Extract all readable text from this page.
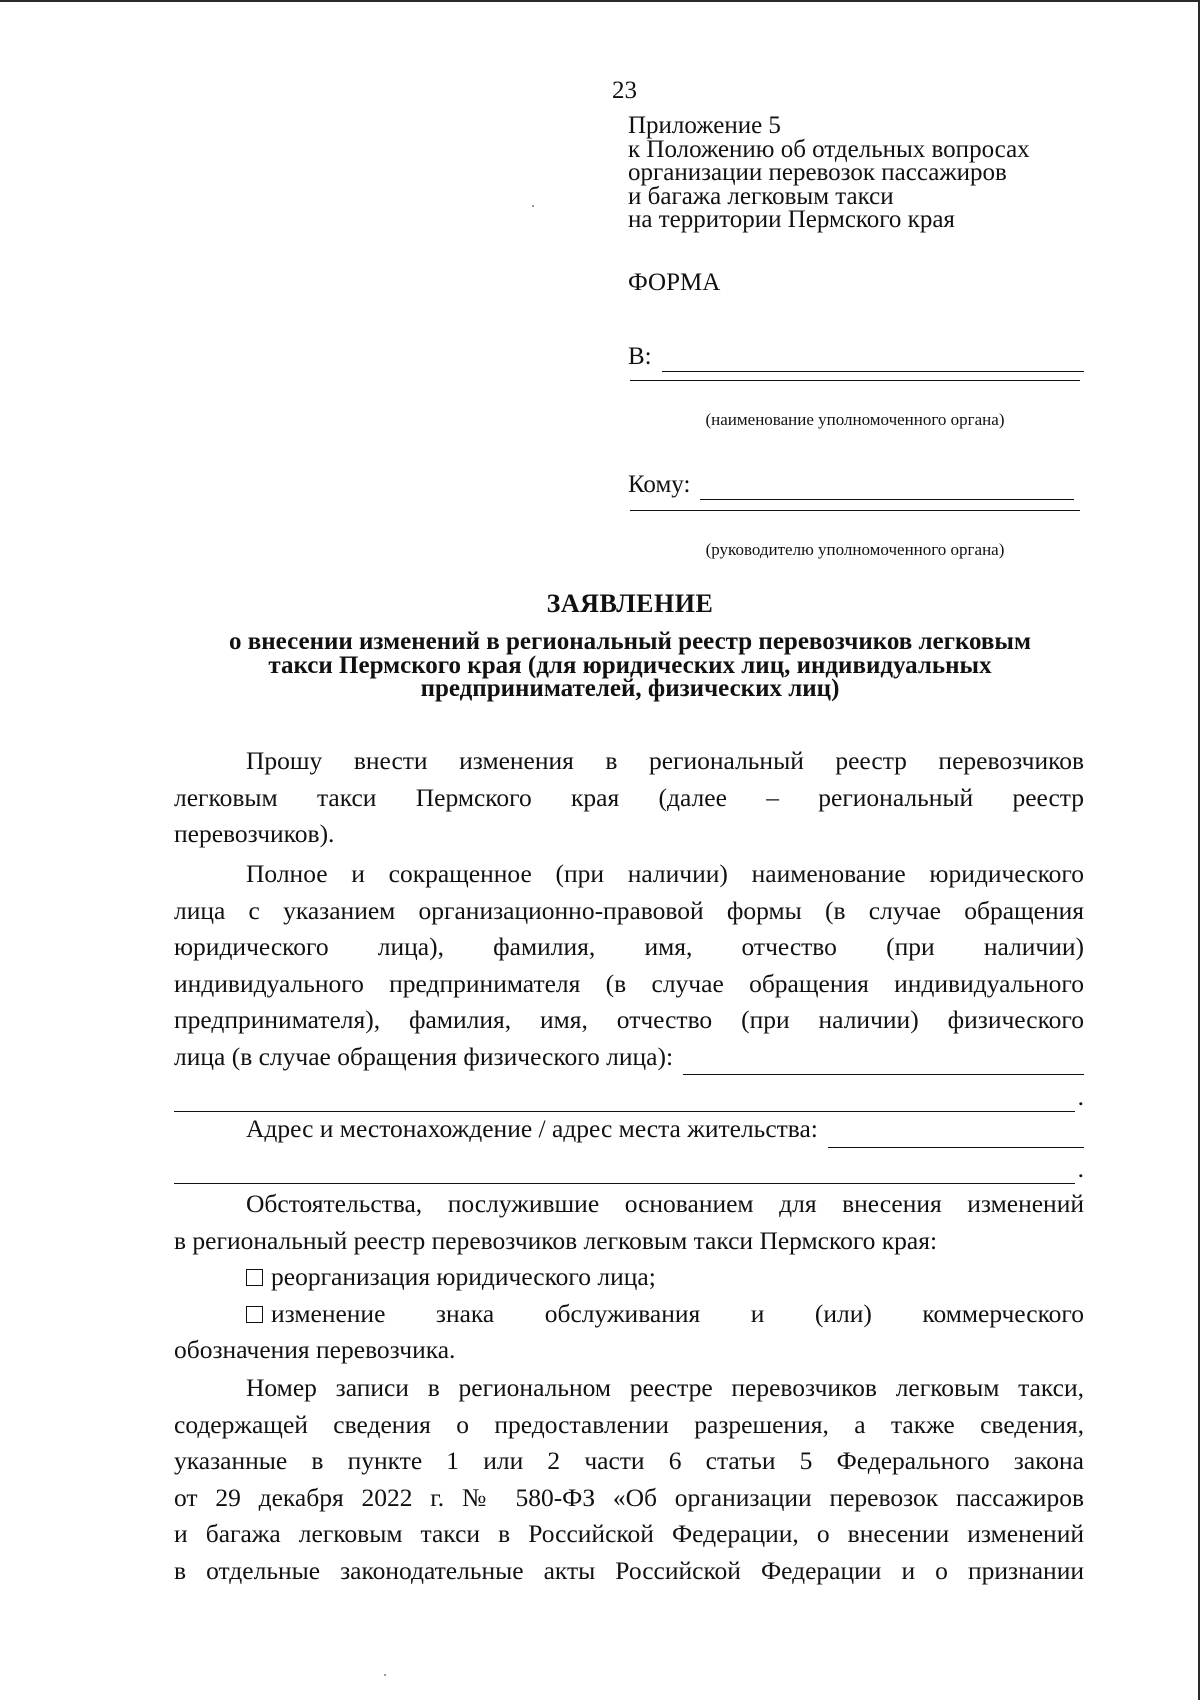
23
Приложение 5
к Положению об отдельных вопросах
организации перевозок пассажиров
и багажа легковым такси
на территории Пермского края
ФОРМА
В:
(наименование уполномоченного органа)
Кому:
(руководителю уполномоченного органа)
ЗАЯВЛЕНИЕ
о внесении изменений в региональный реестр перевозчиков легковым
такси Пермского края (для юридических лиц, индивидуальных
предпринимателей, физических лиц)
Прошу внести изменения в региональный реестр перевозчиков
легковым такси Пермского края (далее – региональный реестр
перевозчиков).
Полное и сокращенное (при наличии) наименование юридического
лица с указанием организационно-правовой формы (в случае обращения
юридического лица), фамилия, имя, отчество (при наличии)
индивидуального предпринимателя (в случае обращения индивидуального
предпринимателя), фамилия, имя, отчество (при наличии) физического
лица (в случае обращения физического лица):
.
Адрес и местонахождение / адрес места жительства:
.
Обстоятельства, послужившие основанием для внесения изменений
в региональный реестр перевозчиков легковым такси Пермского края:
реорганизация юридического лица;
изменение знака обслуживания и (или) коммерческого
обозначения перевозчика.
Номер записи в региональном реестре перевозчиков легковым такси,
содержащей сведения о предоставлении разрешения, а также сведения,
указанные в пункте 1 или 2 части 6 статьи 5 Федерального закона
от 29 декабря 2022 г. № 580-ФЗ «Об организации перевозок пассажиров
и багажа легковым такси в Российской Федерации, о внесении изменений
в отдельные законодательные акты Российской Федерации и о признании
